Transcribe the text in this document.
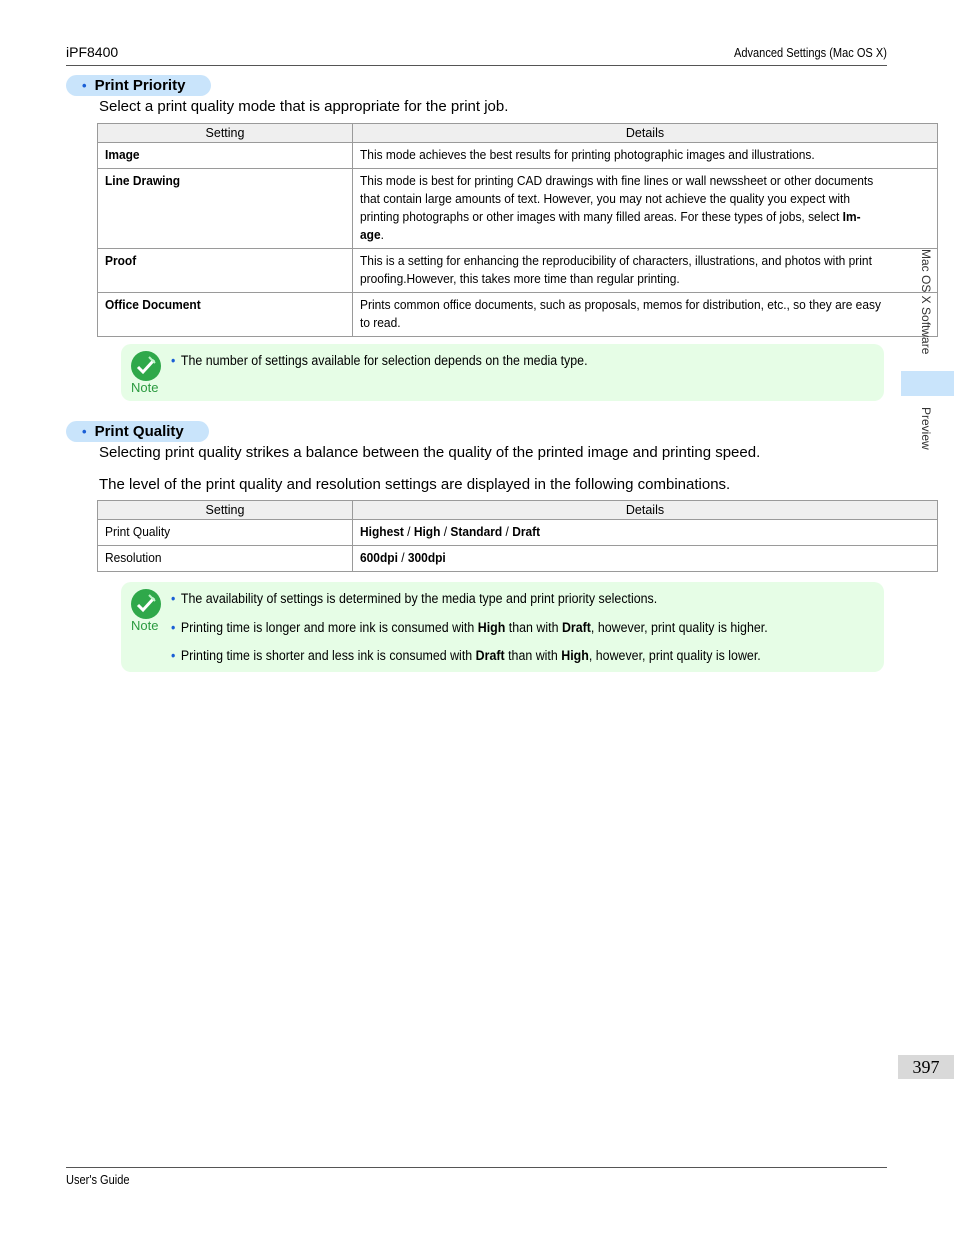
iPF8400	Advanced Settings (Mac OS X)
• Print Priority
Select a print quality mode that is appropriate for the print job.
Setting	Details

Image	This mode achieves the best results for printing photographic images and illustrations.

Line Drawing	This mode is best for printing CAD drawings with fine lines or wall newssheet or other documents that contain large amounts of text. However, you may not achieve the quality you expect with printing photographs or other images with many filled areas. For these types of jobs, select Im-age.

Proof	This is a setting for enhancing the reproducibility of characters, illustrations, and photos with print proofing.However, this takes more time than regular printing.

Office Document	Prints common office documents, such as proposals, memos for distribution, etc., so they are easy to read.
Note
• The number of settings available for selection depends on the media type.
• Print Quality
Selecting print quality strikes a balance between the quality of the printed image and printing speed.
The level of the print quality and resolution settings are displayed in the following combinations.
Setting	Details

Print Quality	Highest / High / Standard / Draft

Resolution	600dpi / 300dpi
Note
• The availability of settings is determined by the media type and print priority selections.
• Printing time is longer and more ink is consumed with High than with Draft, however, print quality is higher.
• Printing time is shorter and less ink is consumed with Draft than with High, however, print quality is lower.
Mac OS X Software
Preview
397
User's Guide
